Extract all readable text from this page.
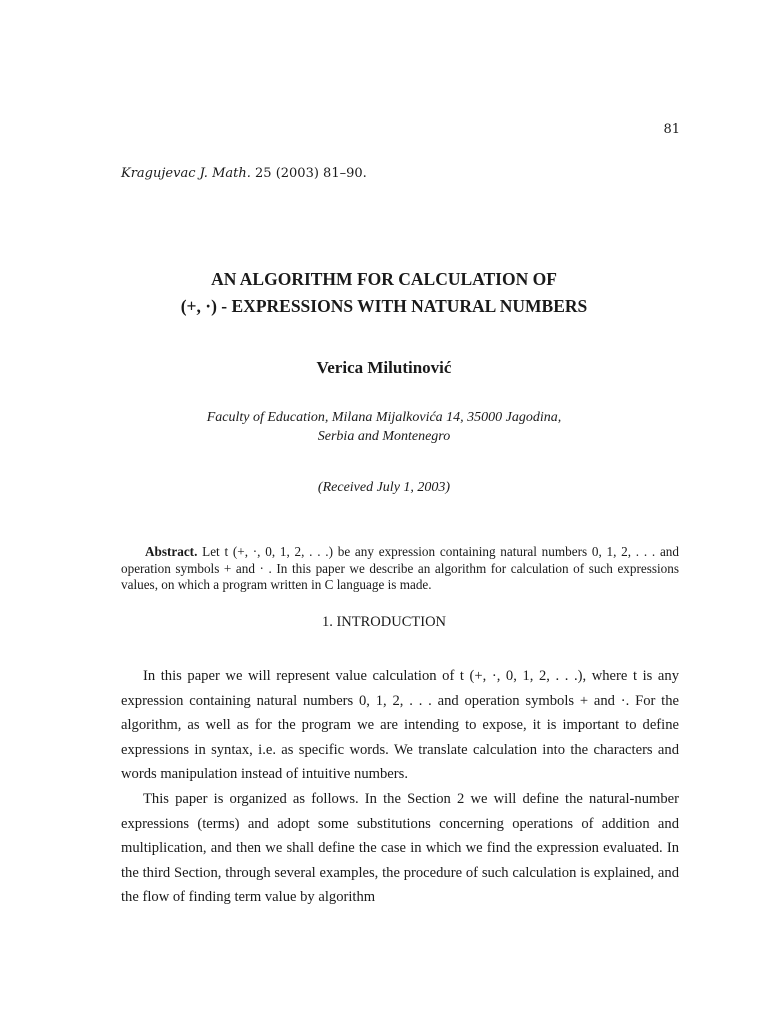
81
Kragujevac J. Math. 25 (2003) 81–90.
AN ALGORITHM FOR CALCULATION OF
(+, ·) - EXPRESSIONS WITH NATURAL NUMBERS
Verica Milutinović
Faculty of Education, Milana Mijalkovića 14, 35000 Jagodina,
Serbia and Montenegro
(Received July 1, 2003)
Abstract. Let t (+, ·, 0, 1, 2, . . .) be any expression containing natural numbers 0, 1, 2, . . . and operation symbols + and · . In this paper we describe an algorithm for calculation of such expressions values, on which a program written in C language is made.
1. INTRODUCTION

In this paper we will represent value calculation of t (+, ·, 0, 1, 2, . . .), where t is any expression containing natural numbers 0, 1, 2, . . . and operation symbols + and ·. For the algorithm, as well as for the program we are intending to expose, it is important to define expressions in syntax, i.e. as specific words. We translate calculation into the characters and words manipulation instead of intuitive numbers.

This paper is organized as follows. In the Section 2 we will define the natural-number expressions (terms) and adopt some substitutions concerning operations of addition and multiplication, and then we shall define the case in which we find the expression evaluated. In the third Section, through several examples, the procedure of such calculation is explained, and the flow of finding term value by algorithm
